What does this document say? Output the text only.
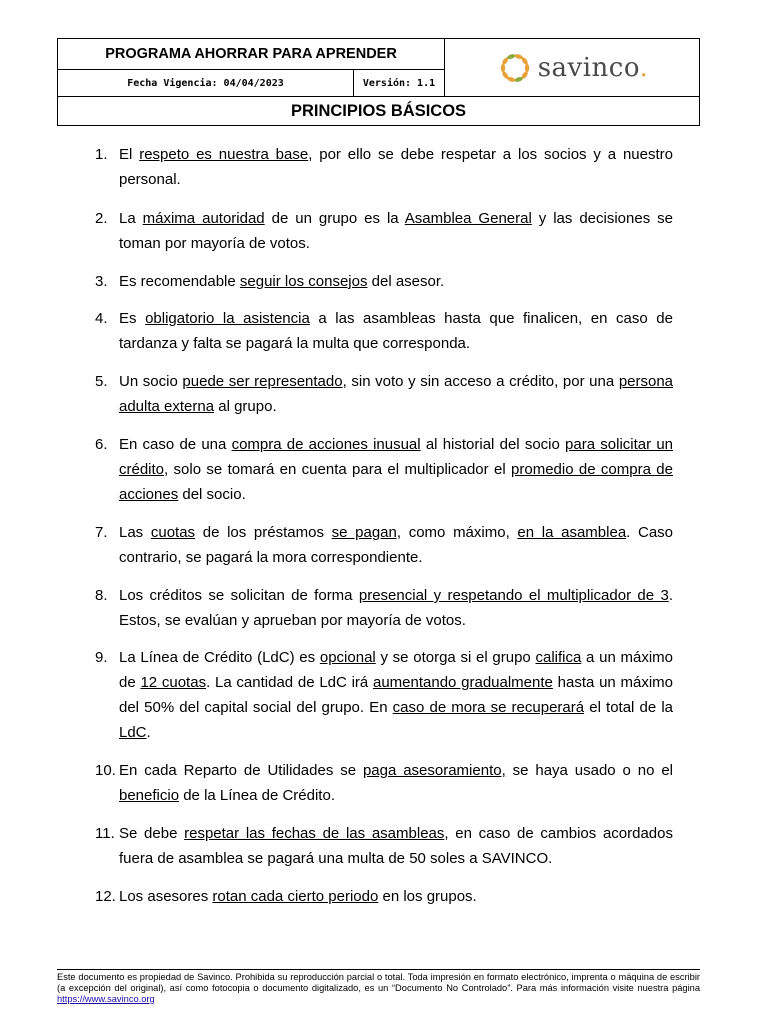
PROGRAMA AHORRAR PARA APRENDER
Fecha Vigencia: 04/04/2023	Versión: 1.1
savinco.
PRINCIPIOS BÁSICOS
1. El respeto es nuestra base, por ello se debe respetar a los socios y a nuestro personal.
2. La máxima autoridad de un grupo es la Asamblea General y las decisiones se toman por mayoría de votos.
3. Es recomendable seguir los consejos del asesor.
4. Es obligatorio la asistencia a las asambleas hasta que finalicen, en caso de tardanza y falta se pagará la multa que corresponda.
5. Un socio puede ser representado, sin voto y sin acceso a crédito, por una persona adulta externa al grupo.
6. En caso de una compra de acciones inusual al historial del socio para solicitar un crédito, solo se tomará en cuenta para el multiplicador el promedio de compra de acciones del socio.
7. Las cuotas de los préstamos se pagan, como máximo, en la asamblea. Caso contrario, se pagará la mora correspondiente.
8. Los créditos se solicitan de forma presencial y respetando el multiplicador de 3. Estos, se evalúan y aprueban por mayoría de votos.
9. La Línea de Crédito (LdC) es opcional y se otorga si el grupo califica a un máximo de 12 cuotas. La cantidad de LdC irá aumentando gradualmente hasta un máximo del 50% del capital social del grupo. En caso de mora se recuperará el total de la LdC.
10. En cada Reparto de Utilidades se paga asesoramiento, se haya usado o no el beneficio de la Línea de Crédito.
11. Se debe respetar las fechas de las asambleas, en caso de cambios acordados fuera de asamblea se pagará una multa de 50 soles a SAVINCO.
12. Los asesores rotan cada cierto periodo en los grupos.
Este documento es propiedad de Savinco. Prohibida su reproducción parcial o total. Toda impresión en formato electrónico, imprenta o máquina de escribir (a excepción del original), así como fotocopia o documento digitalizado, es un “Documento No Controlado”. Para más información visite nuestra página https://www.savinco.org
